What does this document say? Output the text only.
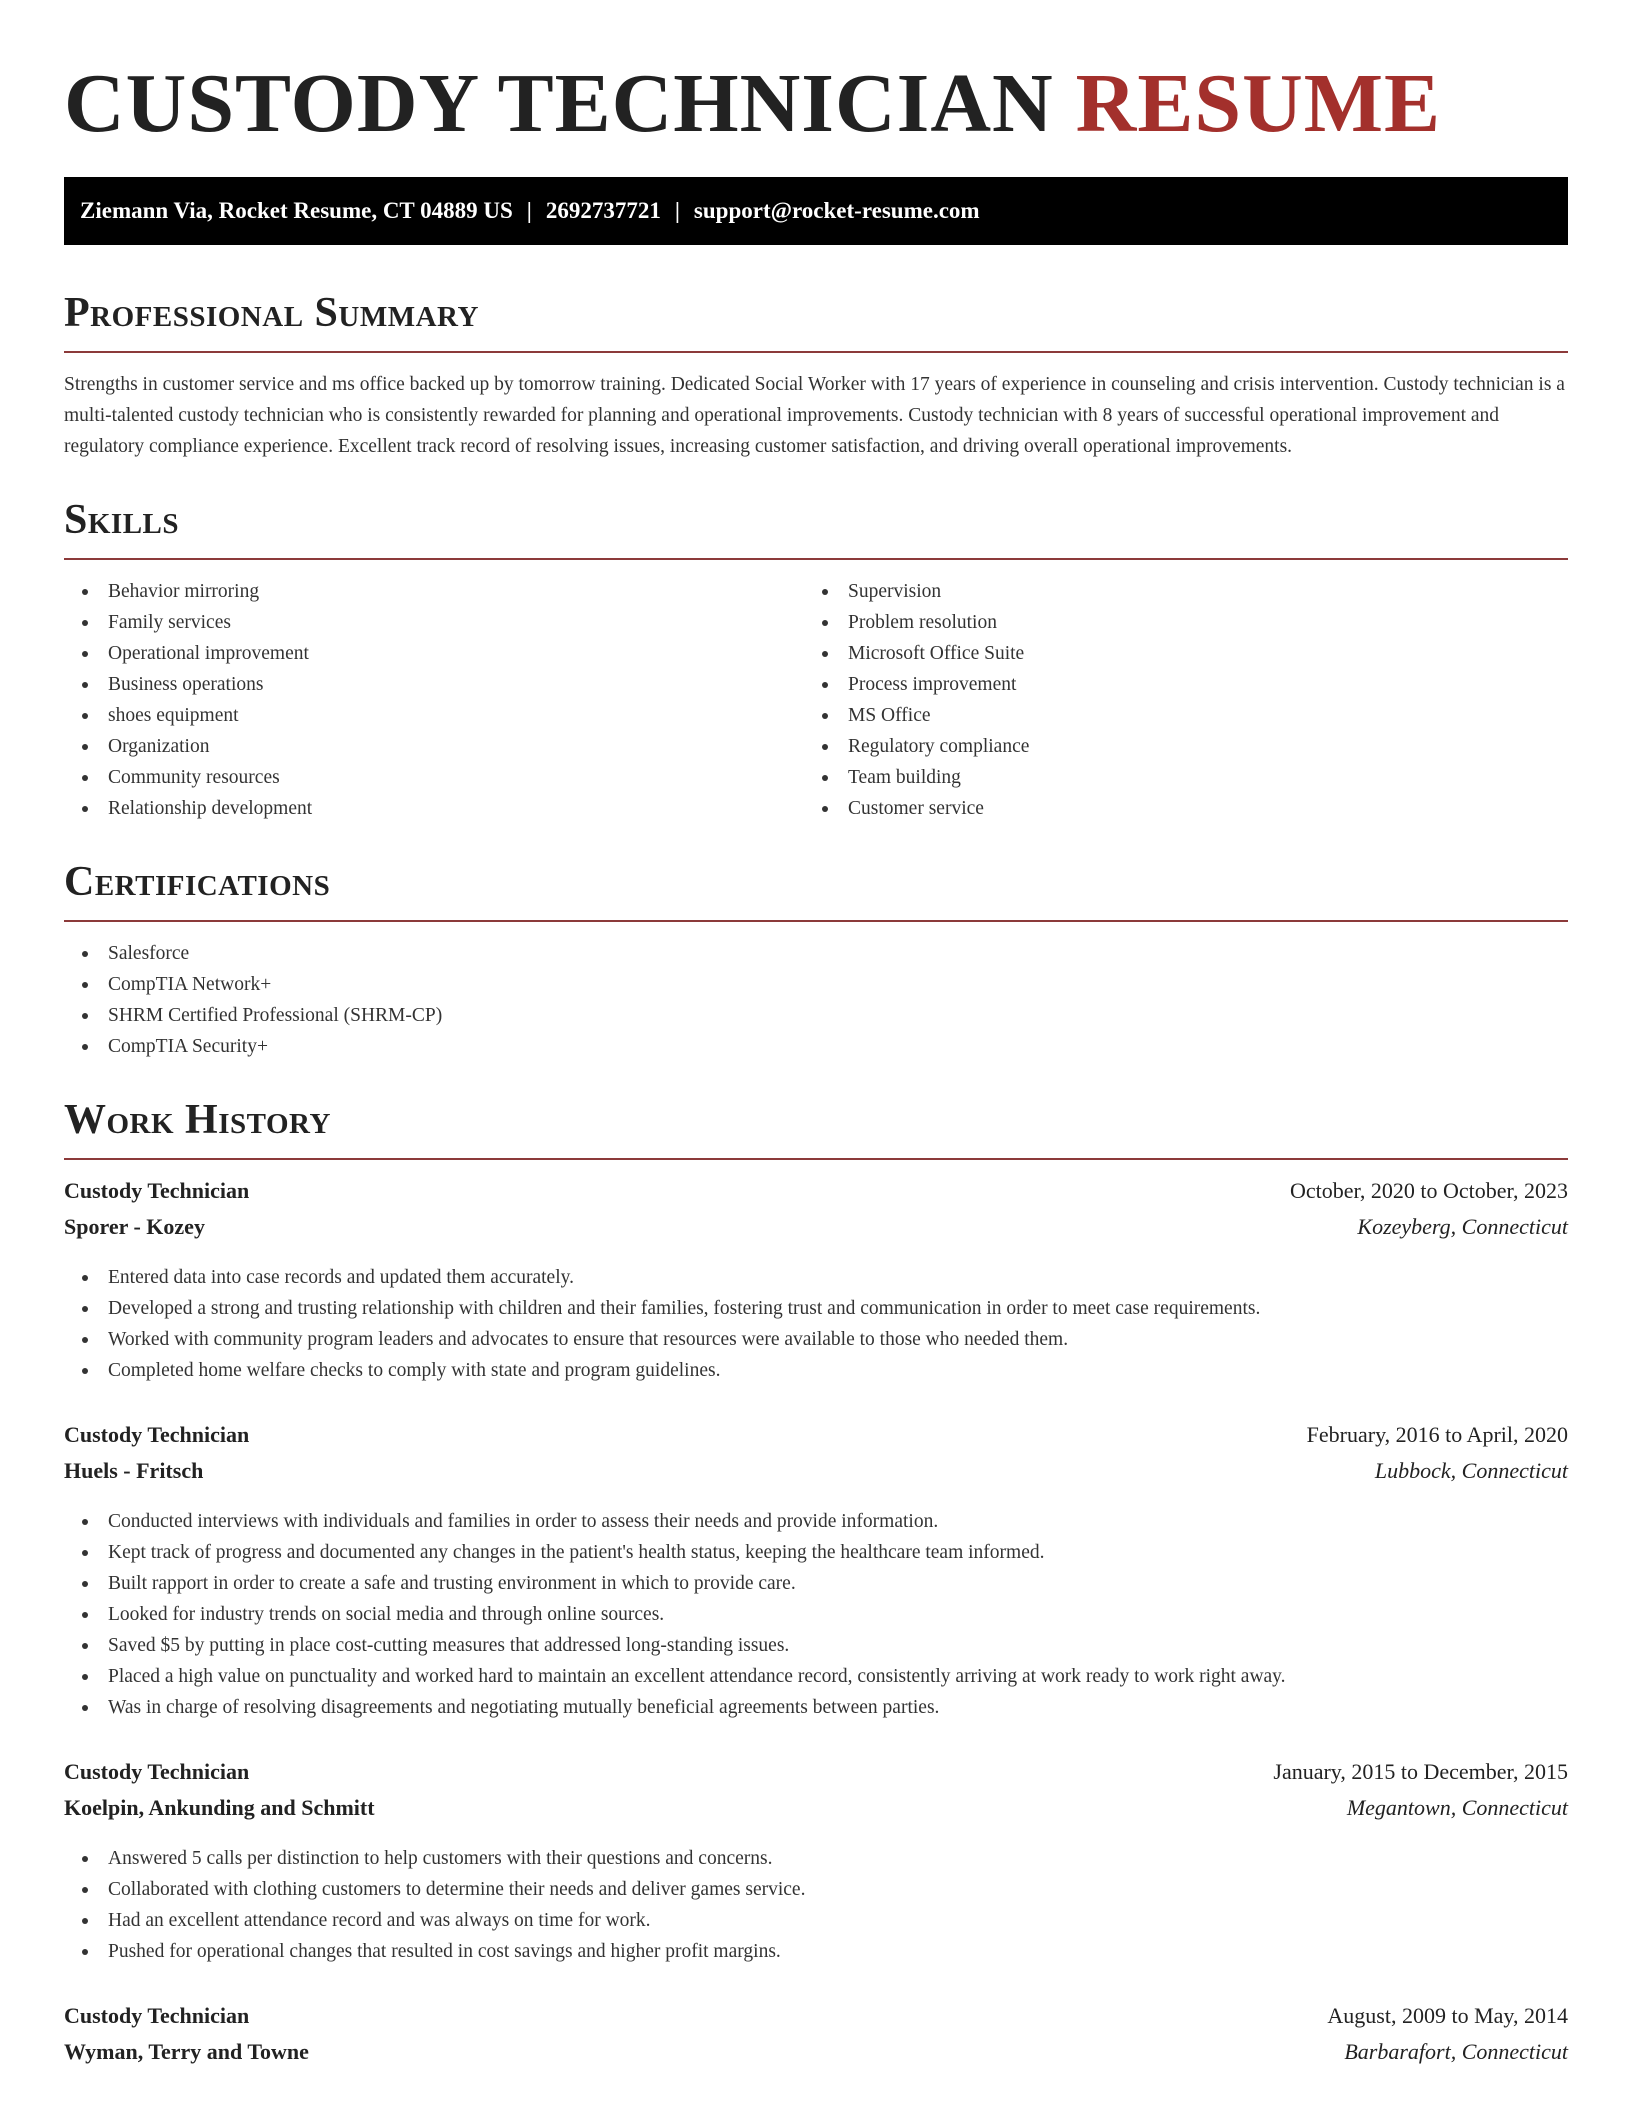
CUSTODY TECHNICIAN RESUME
Ziemann Via, Rocket Resume, CT 04889 US | 2692737721 | support@rocket-resume.com
Professional Summary

Strengths in customer service and ms office backed up by tomorrow training. Dedicated Social Worker with 17 years of experience in counseling and crisis intervention. Custody technician is a multi-talented custody technician who is consistently rewarded for planning and operational improvements. Custody technician with 8 years of successful operational improvement and regulatory compliance experience. Excellent track record of resolving issues, increasing customer satisfaction, and driving overall operational improvements.

Skills
Behavior mirroring
Family services
Operational improvement
Business operations
shoes equipment
Organization
Community resources
Relationship development
Supervision
Problem resolution
Microsoft Office Suite
Process improvement
MS Office
Regulatory compliance
Team building
Customer service
Certifications
Salesforce
CompTIA Network+
SHRM Certified Professional (SHRM-CP)
CompTIA Security+
Work History
Custody Technician	October, 2020 to October, 2023
Sporer - Kozey	Kozeyberg, Connecticut
Entered data into case records and updated them accurately.
Developed a strong and trusting relationship with children and their families, fostering trust and communication in order to meet case requirements.
Worked with community program leaders and advocates to ensure that resources were available to those who needed them.
Completed home welfare checks to comply with state and program guidelines.
Custody Technician	February, 2016 to April, 2020
Huels - Fritsch	Lubbock, Connecticut
Conducted interviews with individuals and families in order to assess their needs and provide information.
Kept track of progress and documented any changes in the patient's health status, keeping the healthcare team informed.
Built rapport in order to create a safe and trusting environment in which to provide care.
Looked for industry trends on social media and through online sources.
Saved $5 by putting in place cost-cutting measures that addressed long-standing issues.
Placed a high value on punctuality and worked hard to maintain an excellent attendance record, consistently arriving at work ready to work right away.
Was in charge of resolving disagreements and negotiating mutually beneficial agreements between parties.
Custody Technician	January, 2015 to December, 2015
Koelpin, Ankunding and Schmitt	Megantown, Connecticut
Answered 5 calls per distinction to help customers with their questions and concerns.
Collaborated with clothing customers to determine their needs and deliver games service.
Had an excellent attendance record and was always on time for work.
Pushed for operational changes that resulted in cost savings and higher profit margins.
Custody Technician	August, 2009 to May, 2014
Wyman, Terry and Towne	Barbarafort, Connecticut
